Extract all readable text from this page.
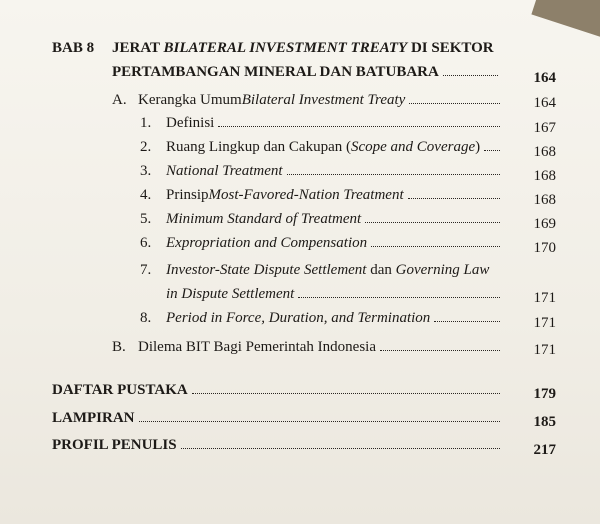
BAB 8 JERAT BILATERAL INVESTMENT TREATY DI SEKTOR
PERTAMBANGAN MINERAL DAN BATUBARA	164
A. Kerangka Umum Bilateral Investment Treaty	164
1. Definisi	167
2. Ruang Lingkup dan Cakupan ( Scope and Coverage )	168
3. National Treatment	168
4. Prinsip Most-Favored-Nation Treatment	168
5. Minimum Standard of Treatment	169
6. Expropriation and Compensation	170
7. Investor-State Dispute Settlement dan Governing Law
in Dispute Settlement	171
8. Period in Force, Duration, and Termination	171
B. Dilema BIT Bagi Pemerintah Indonesia	171
DAFTAR PUSTAKA	179
LAMPIRAN	185
PROFIL PENULIS	217
